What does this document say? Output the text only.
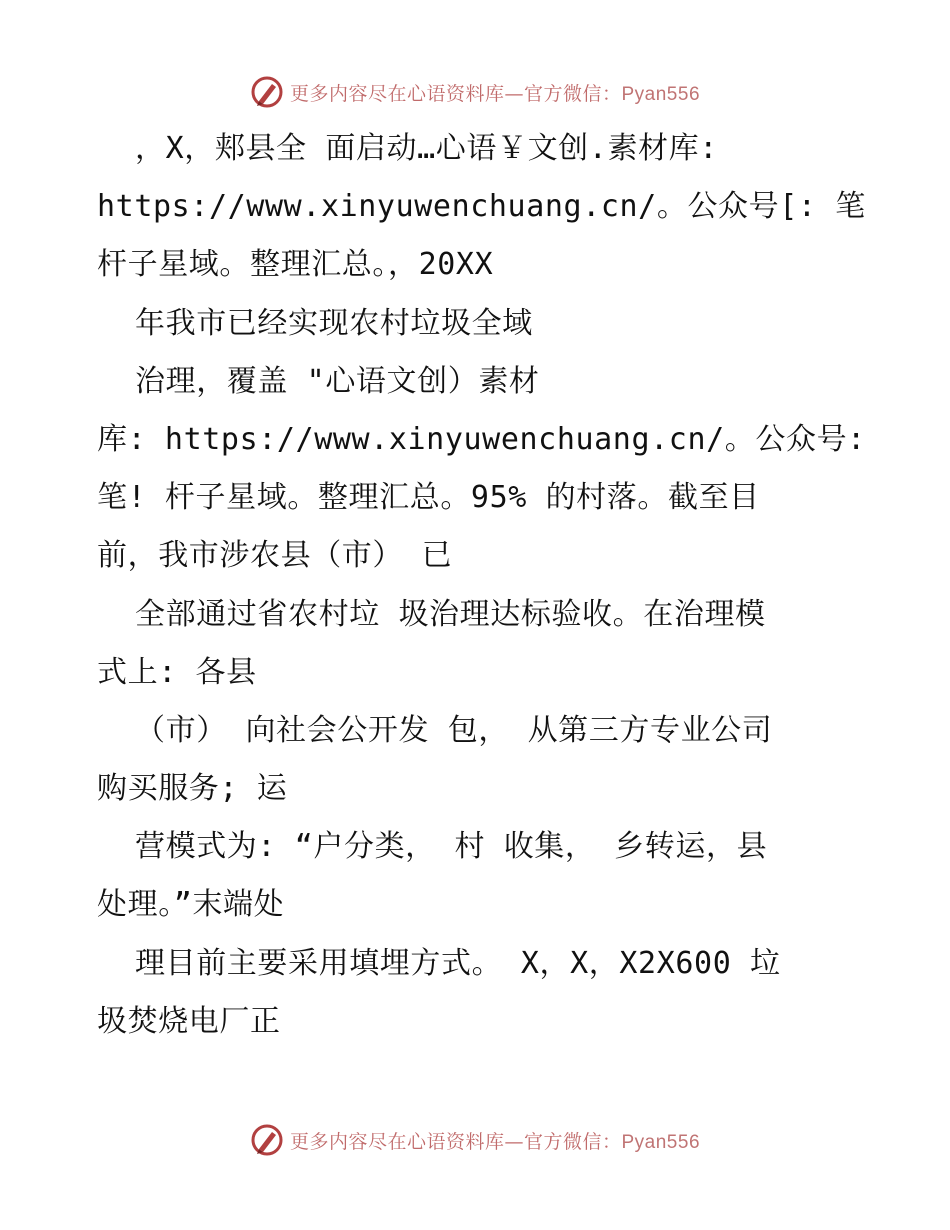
更多内容尽在心语资料库—官方微信：Pyan556
，X，郏县全 面启动…心语￥文创.素材库:
https://www.xinyuwenchuang.cn/。公众号[: 笔
杆子星域。整理汇总。，20XX
年我市已经实现农村垃圾全域
治理，覆盖 "心语文创）素材
库: https://www.xinyuwenchuang.cn/。公众号:
笔! 杆子星域。整理汇总。95% 的村落。截至目
前，我市涉农县（市） 已
全部通过省农村垃 圾治理达标验收。在治理模
式上: 各县
（市） 向社会公开发 包， 从第三方专业公司
购买服务; 运
营模式为: “户分类， 村 收集， 乡转运，县
处理。”末端处
理目前主要采用填埋方式。 X，X，X2X600 垃
圾焚烧电厂正
更多内容尽在心语资料库—官方微信：Pyan556
